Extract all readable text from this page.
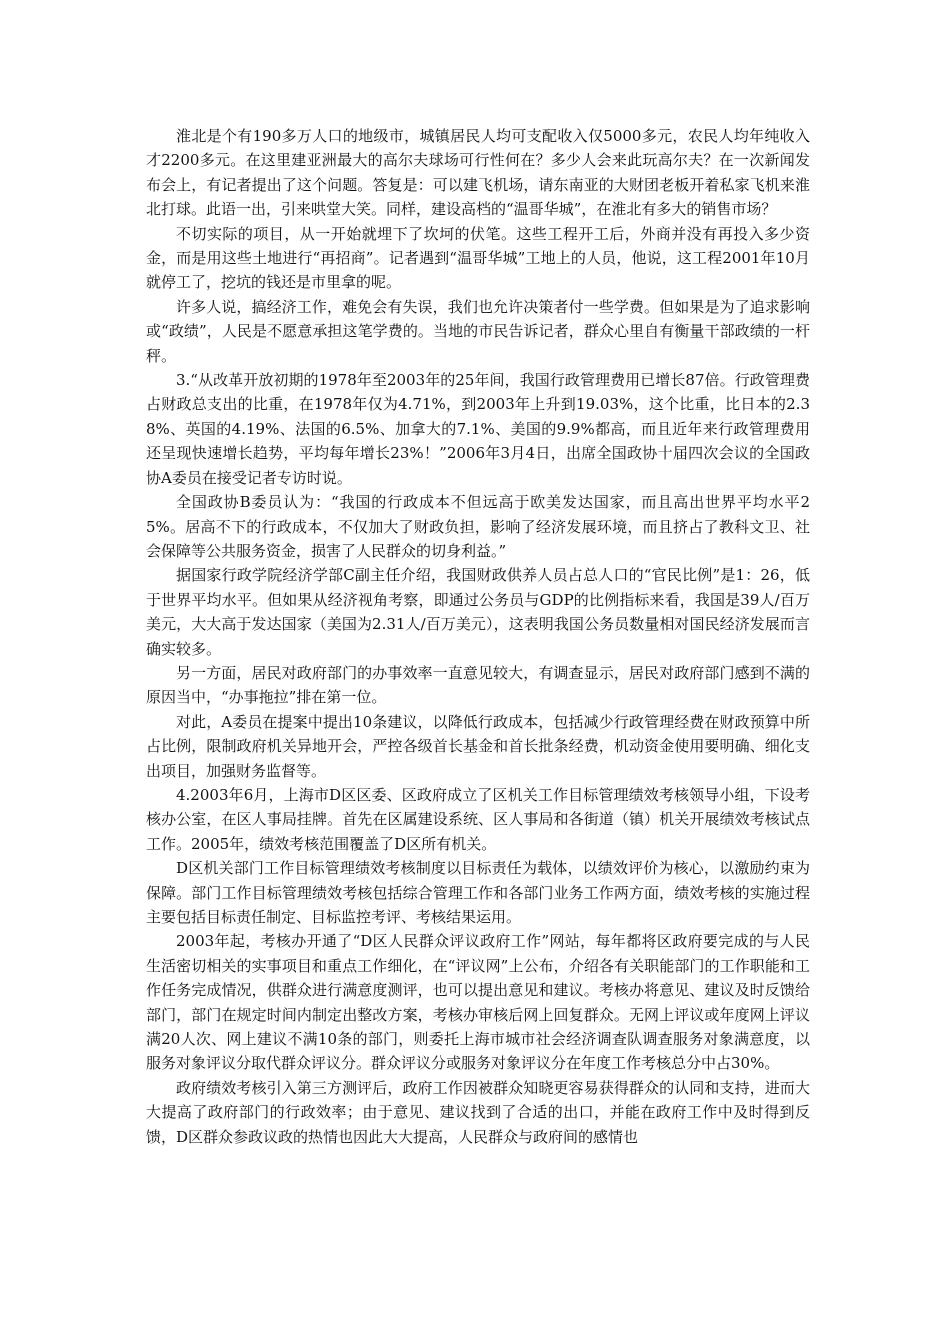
淮北是个有190多万人口的地级市，城镇居民人均可支配收入仅5000多元，农民人均年纯收入才2200多元。在这里建亚洲最大的高尔夫球场可行性何在？多少人会来此玩高尔夫？在一次新闻发布会上，有记者提出了这个问题。答复是：可以建飞机场，请东南亚的大财团老板开着私家飞机来淮北打球。此语一出，引来哄堂大笑。同样，建设高档的“温哥华城”，在淮北有多大的销售市场？

不切实际的项目，从一开始就埋下了坎坷的伏笔。这些工程开工后，外商并没有再投入多少资金，而是用这些土地进行“再招商”。记者遇到“温哥华城”工地上的人员，他说，这工程2001年10月就停工了，挖坑的钱还是市里拿的呢。

许多人说，搞经济工作，难免会有失误，我们也允许决策者付一些学费。但如果是为了追求影响或“政绩”，人民是不愿意承担这笔学费的。当地的市民告诉记者，群众心里自有衡量干部政绩的一杆秤。

3.“从改革开放初期的1978年至2003年的25年间，我国行政管理费用已增长87倍。行政管理费占财政总支出的比重，在1978年仅为4.71%，到2003年上升到19.03%，这个比重，比日本的2.38%、英国的4.19%、法国的6.5%、加拿大的7.1%、美国的9.9%都高，而且近年来行政管理费用还呈现快速增长趋势，平均每年增长23%！”2006年3月4日，出席全国政协十届四次会议的全国政协A委员在接受记者专访时说。

全国政协B委员认为：“我国的行政成本不但远高于欧美发达国家，而且高出世界平均水平25%。居高不下的行政成本，不仅加大了财政负担，影响了经济发展环境，而且挤占了教科文卫、社会保障等公共服务资金，损害了人民群众的切身利益。”

据国家行政学院经济学部C副主任介绍，我国财政供养人员占总人口的“官民比例”是1：26，低于世界平均水平。但如果从经济视角考察，即通过公务员与GDP的比例指标来看，我国是39人/百万美元，大大高于发达国家（美国为2.31人/百万美元），这表明我国公务员数量相对国民经济发展而言确实较多。

另一方面，居民对政府部门的办事效率一直意见较大，有调查显示，居民对政府部门感到不满的原因当中，“办事拖拉”排在第一位。

对此，A委员在提案中提出10条建议，以降低行政成本，包括减少行政管理经费在财政预算中所占比例，限制政府机关异地开会，严控各级首长基金和首长批条经费，机动资金使用要明确、细化支出项目，加强财务监督等。

4.2003年6月，上海市D区区委、区政府成立了区机关工作目标管理绩效考核领导小组，下设考核办公室，在区人事局挂牌。首先在区属建设系统、区人事局和各街道（镇）机关开展绩效考核试点工作。2005年，绩效考核范围覆盖了D区所有机关。

D区机关部门工作目标管理绩效考核制度以目标责任为载体，以绩效评价为核心，以激励约束为保障。部门工作目标管理绩效考核包括综合管理工作和各部门业务工作两方面，绩效考核的实施过程主要包括目标责任制定、目标监控考评、考核结果运用。

2003年起，考核办开通了“D区人民群众评议政府工作”网站，每年都将区政府要完成的与人民生活密切相关的实事项目和重点工作细化，在“评议网”上公布，介绍各有关职能部门的工作职能和工作任务完成情况，供群众进行满意度测评，也可以提出意见和建议。考核办将意见、建议及时反馈给部门，部门在规定时间内制定出整改方案，考核办审核后网上回复群众。无网上评议或年度网上评议满20人次、网上建议不满10条的部门，则委托上海市城市社会经济调查队调查服务对象满意度，以服务对象评议分取代群众评议分。群众评议分或服务对象评议分在年度工作考核总分中占30%。

政府绩效考核引入第三方测评后，政府工作因被群众知晓更容易获得群众的认同和支持，进而大大提高了政府部门的行政效率；由于意见、建议找到了合适的出口，并能在政府工作中及时得到反馈，D区群众参政议政的热情也因此大大提高，人民群众与政府间的感情也
